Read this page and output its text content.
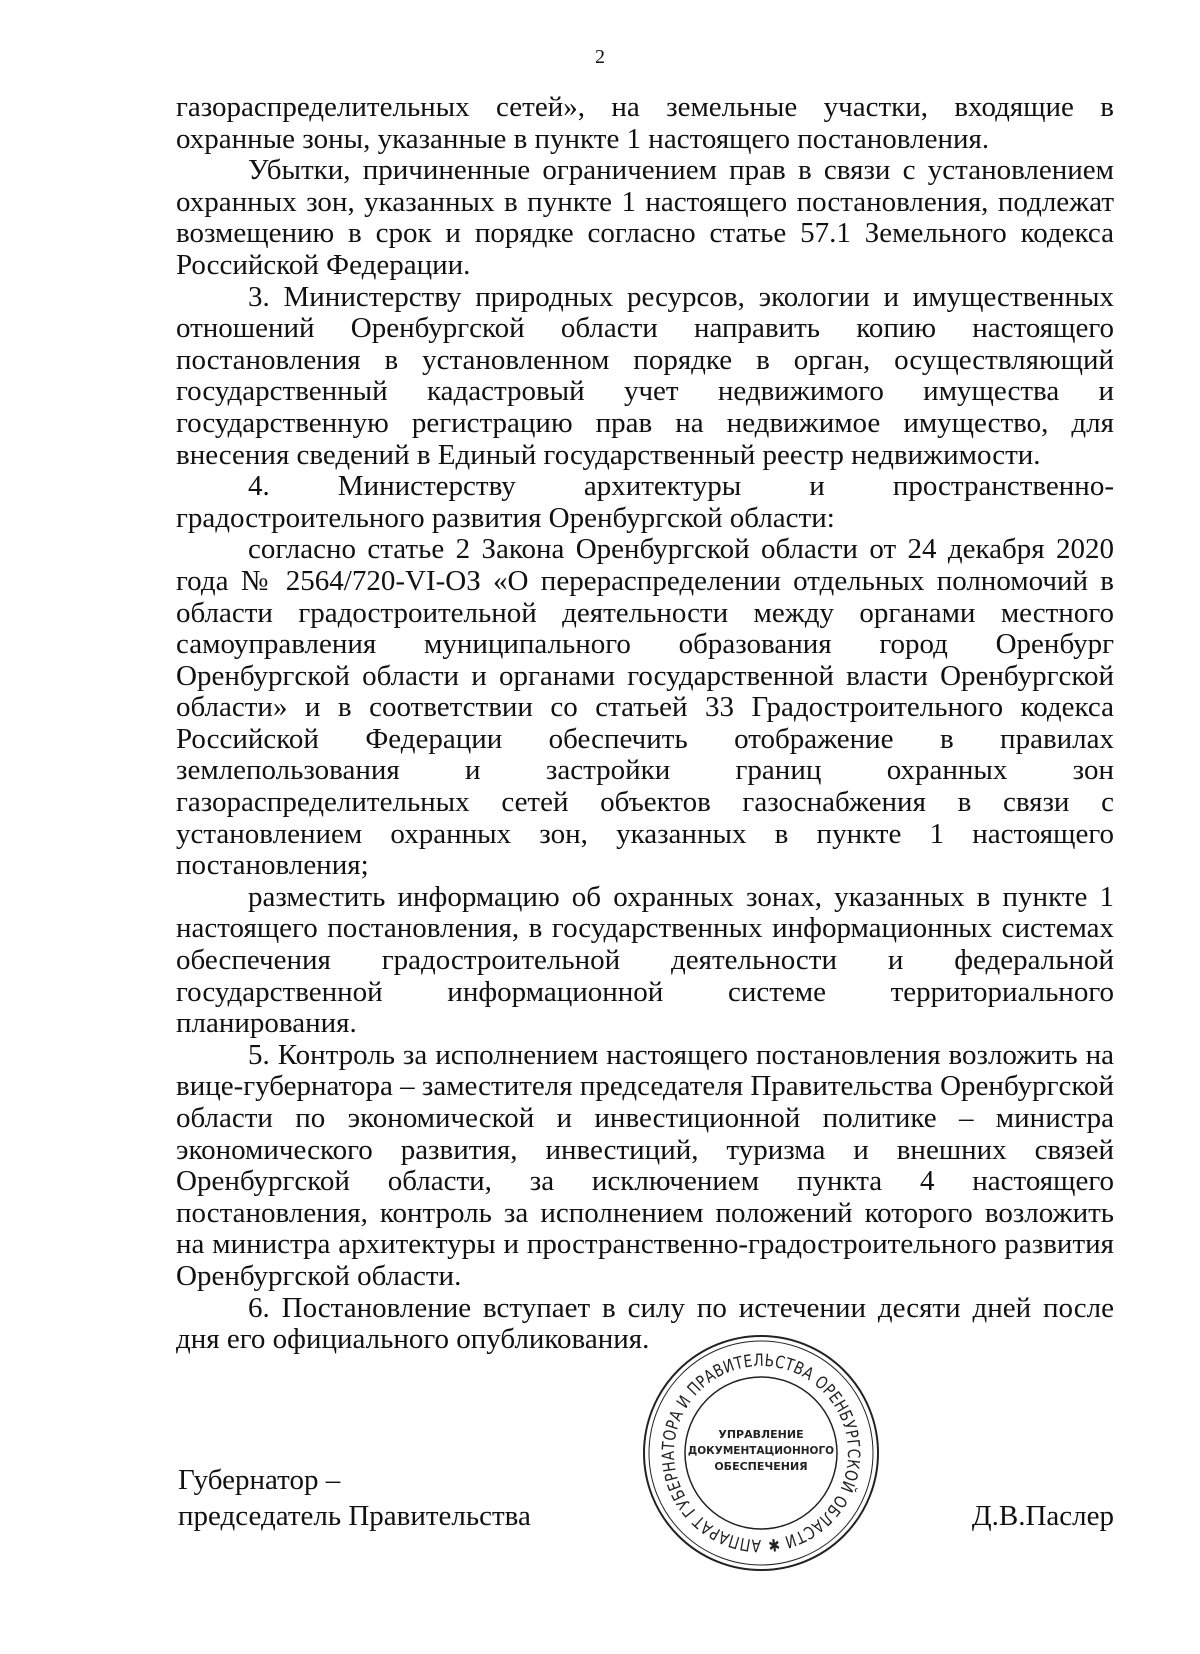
2

газораспределительных сетей», на земельные участки, входящие в охранные зоны, указанные в пункте 1 настоящего постановления.

Убытки, причиненные ограничением прав в связи с установлением охранных зон, указанных в пункте 1 настоящего постановления, подлежат возмещению в срок и порядке согласно статье 57.1 Земельного кодекса Российской Федерации.

3. Министерству природных ресурсов, экологии и имущественных отношений Оренбургской области направить копию настоящего постановления в установленном порядке в орган, осуществляющий государственный кадастровый учет недвижимого имущества и государственную регистрацию прав на недвижимое имущество, для внесения сведений в Единый государственный реестр недвижимости.

4. Министерству архитектуры и пространственно-градостроительного развития Оренбургской области:

согласно статье 2 Закона Оренбургской области от 24 декабря 2020 года № 2564/720-VI-ОЗ «О перераспределении отдельных полномочий в области градостроительной деятельности между органами местного самоуправления муниципального образования город Оренбург Оренбургской области и органами государственной власти Оренбургской области» и в соответствии со статьей 33 Градостроительного кодекса Российской Федерации обеспечить отображение в правилах землепользования и застройки границ охранных зон газораспределительных сетей объектов газоснабжения в связи с установлением охранных зон, указанных в пункте 1 настоящего постановления;

разместить информацию об охранных зонах, указанных в пункте 1 настоящего постановления, в государственных информационных системах обеспечения градостроительной деятельности и федеральной государственной информационной системе территориального планирования.

5. Контроль за исполнением настоящего постановления возложить на вице-губернатора – заместителя председателя Правительства Оренбургской области по экономической и инвестиционной политике – министра экономического развития, инвестиций, туризма и внешних связей Оренбургской области, за исключением пункта 4 настоящего постановления, контроль за исполнением положений которого возложить на министра архитектуры и пространственно-градостроительного развития Оренбургской области.

6. Постановление вступает в силу по истечении десяти дней после дня его официального опубликования.

Губернатор –
председатель Правительства	Д.В.Паслер
АППАРАТ ГУБЕРНАТОРА И ПРАВИТЕЛЬСТВА ОРЕНБУРГСКОЙ ОБЛАСТИ ✱
УПРАВЛЕНИЕ
ДОКУМЕНТАЦИОННОГО
ОБЕСПЕЧЕНИЯ
